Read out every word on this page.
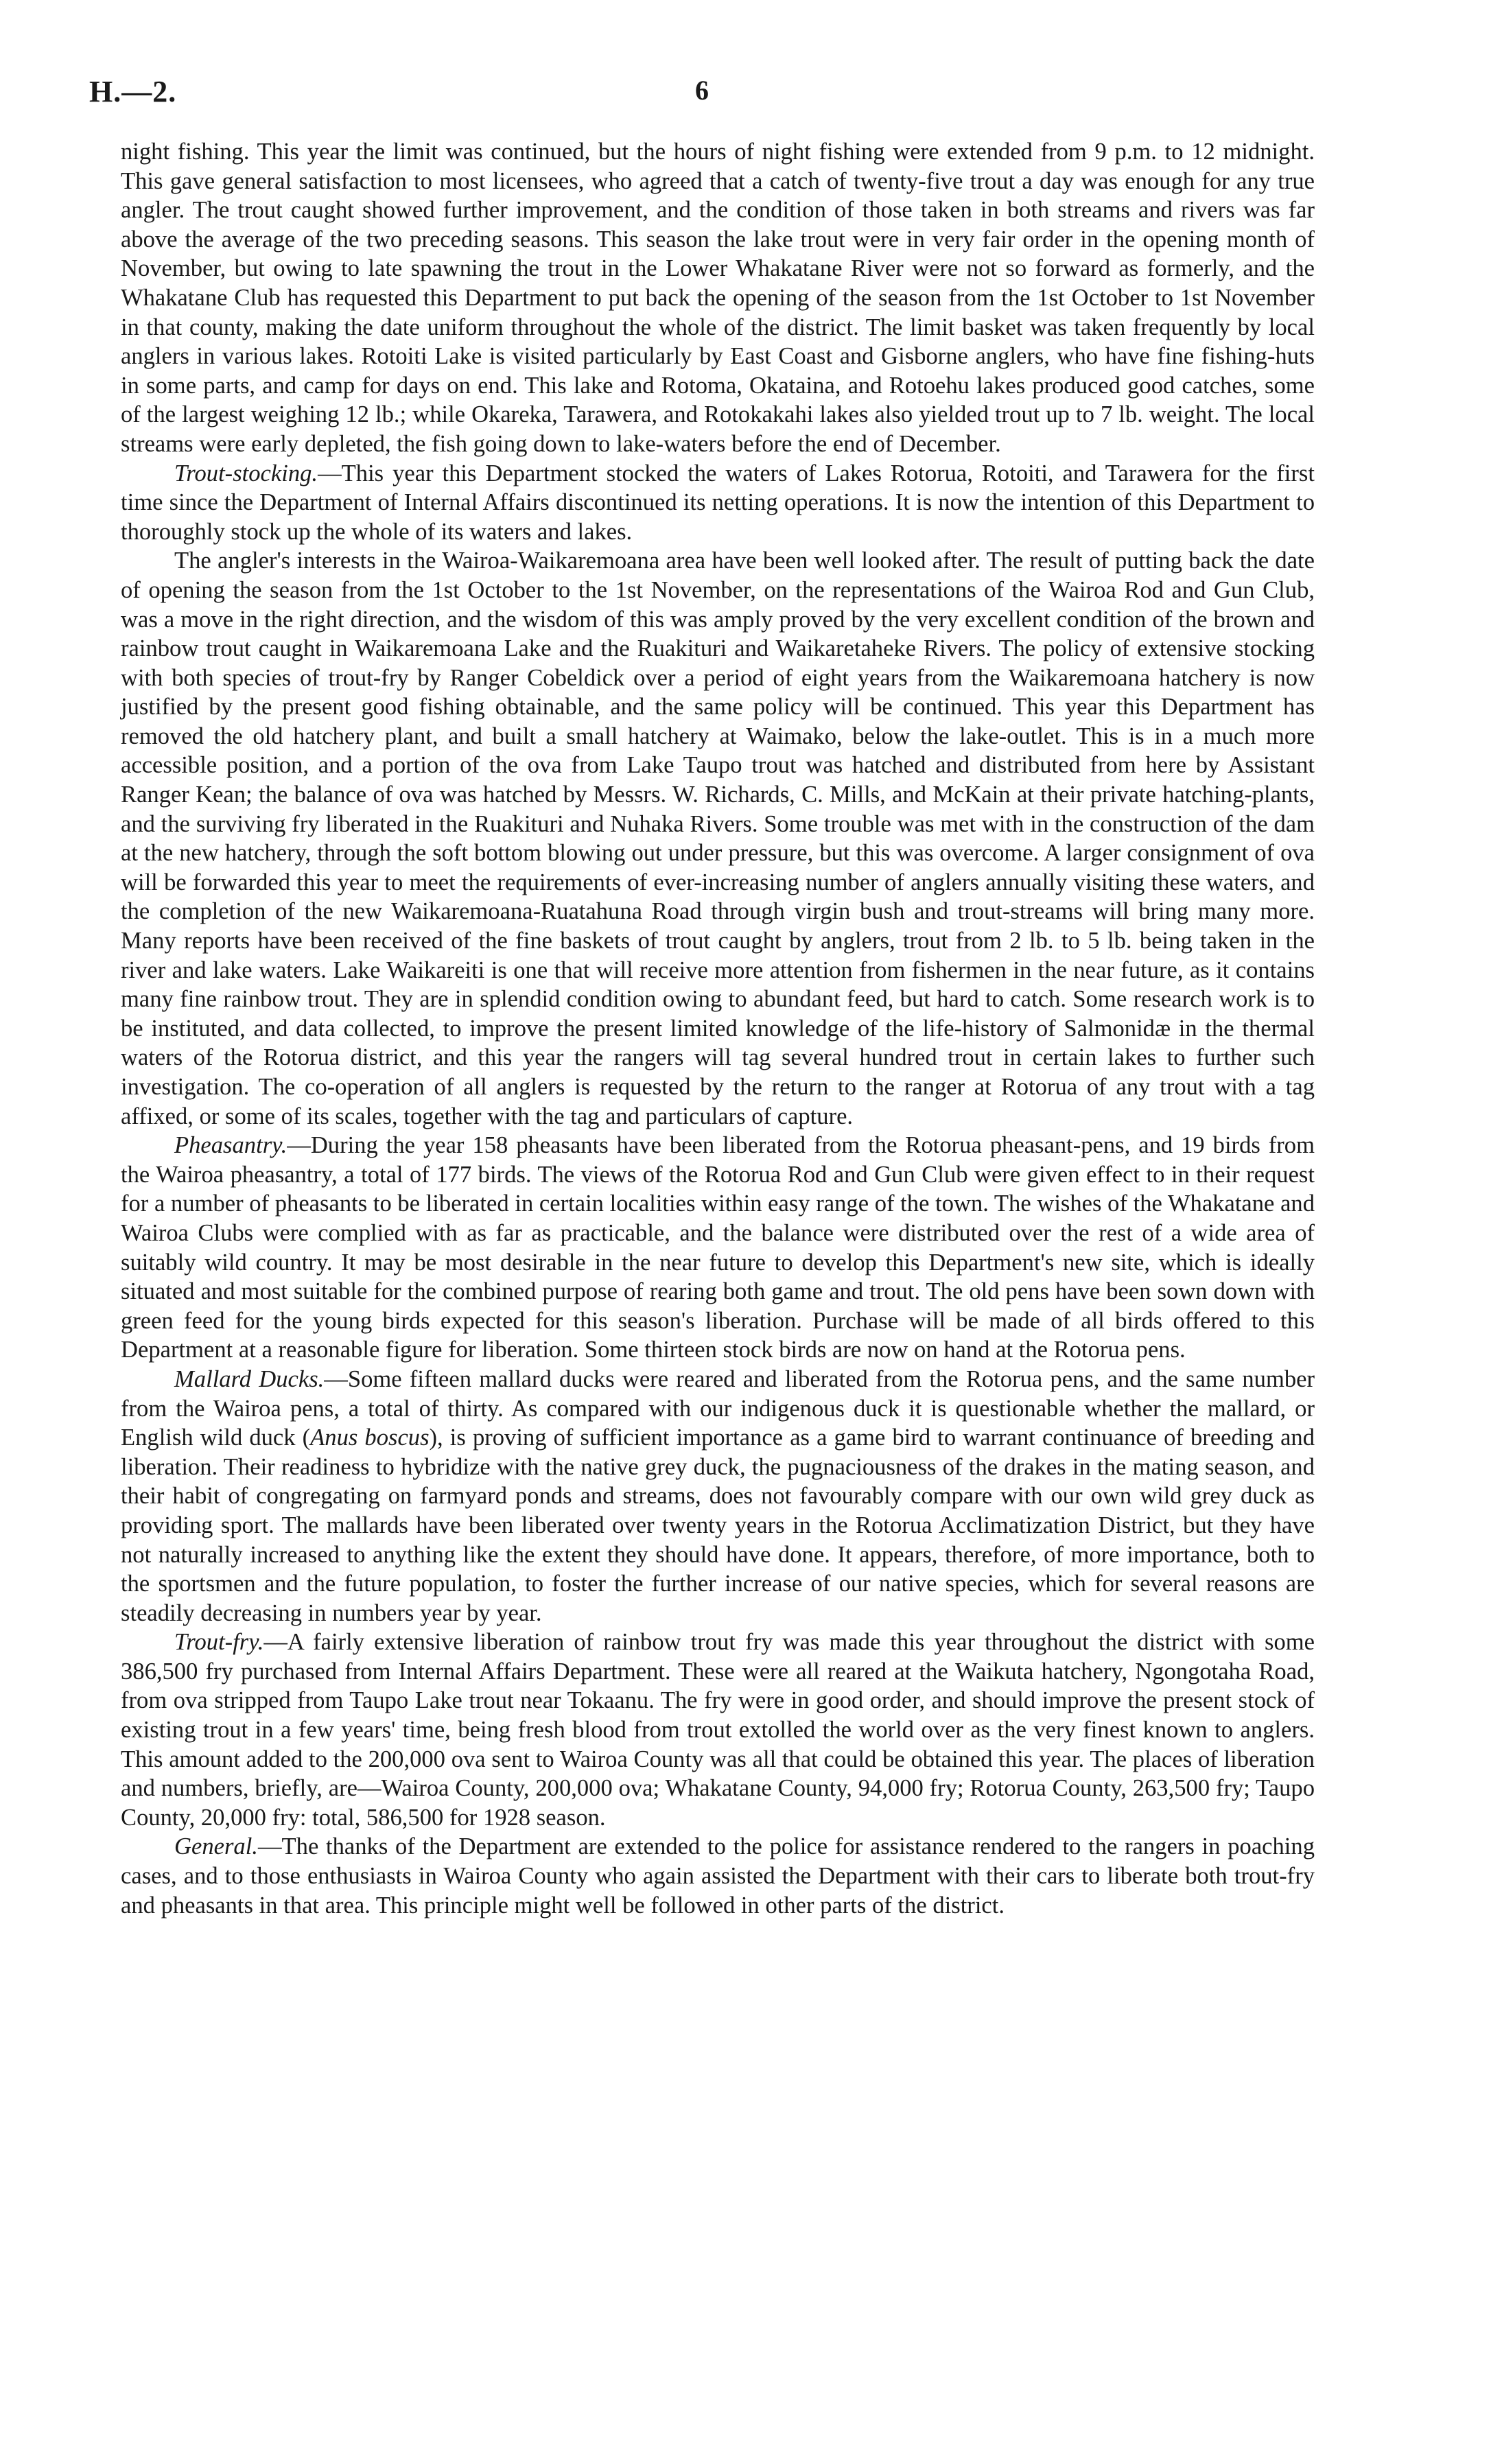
H.—2.	6

night fishing. This year the limit was continued, but the hours of night fishing were extended from 9 p.m. to 12 midnight. This gave general satisfaction to most licensees, who agreed that a catch of twenty-five trout a day was enough for any true angler. The trout caught showed further improvement, and the condition of those taken in both streams and rivers was far above the average of the two preceding seasons. This season the lake trout were in very fair order in the opening month of November, but owing to late spawning the trout in the Lower Whakatane River were not so forward as formerly, and the Whakatane Club has requested this Department to put back the opening of the season from the 1st October to 1st November in that county, making the date uniform throughout the whole of the district. The limit basket was taken frequently by local anglers in various lakes. Rotoiti Lake is visited particularly by East Coast and Gisborne anglers, who have fine fishing-huts in some parts, and camp for days on end. This lake and Rotoma, Okataina, and Rotoehu lakes produced good catches, some of the largest weighing 12 lb.; while Okareka, Tarawera, and Rotokakahi lakes also yielded trout up to 7 lb. weight. The local streams were early depleted, the fish going down to lake-waters before the end of December.

Trout-stocking.—This year this Department stocked the waters of Lakes Rotorua, Rotoiti, and Tarawera for the first time since the Department of Internal Affairs discontinued its netting operations. It is now the intention of this Department to thoroughly stock up the whole of its waters and lakes.

The angler's interests in the Wairoa-Waikaremoana area have been well looked after. The result of putting back the date of opening the season from the 1st October to the 1st November, on the representations of the Wairoa Rod and Gun Club, was a move in the right direction, and the wisdom of this was amply proved by the very excellent condition of the brown and rainbow trout caught in Waikaremoana Lake and the Ruakituri and Waikaretaheke Rivers. The policy of extensive stocking with both species of trout-fry by Ranger Cobeldick over a period of eight years from the Waikaremoana hatchery is now justified by the present good fishing obtainable, and the same policy will be continued. This year this Department has removed the old hatchery plant, and built a small hatchery at Waimako, below the lake-outlet. This is in a much more accessible position, and a portion of the ova from Lake Taupo trout was hatched and distributed from here by Assistant Ranger Kean; the balance of ova was hatched by Messrs. W. Richards, C. Mills, and McKain at their private hatching-plants, and the surviving fry liberated in the Ruakituri and Nuhaka Rivers. Some trouble was met with in the construction of the dam at the new hatchery, through the soft bottom blowing out under pressure, but this was overcome. A larger consignment of ova will be forwarded this year to meet the requirements of ever-increasing number of anglers annually visiting these waters, and the completion of the new Waikaremoana-Ruatahuna Road through virgin bush and trout-streams will bring many more. Many reports have been received of the fine baskets of trout caught by anglers, trout from 2 lb. to 5 lb. being taken in the river and lake waters. Lake Waikareiti is one that will receive more attention from fishermen in the near future, as it contains many fine rainbow trout. They are in splendid condition owing to abundant feed, but hard to catch. Some research work is to be instituted, and data collected, to improve the present limited knowledge of the life-history of Salmonidæ in the thermal waters of the Rotorua district, and this year the rangers will tag several hundred trout in certain lakes to further such investigation. The co-operation of all anglers is requested by the return to the ranger at Rotorua of any trout with a tag affixed, or some of its scales, together with the tag and particulars of capture.

Pheasantry.—During the year 158 pheasants have been liberated from the Rotorua pheasant-pens, and 19 birds from the Wairoa pheasantry, a total of 177 birds. The views of the Rotorua Rod and Gun Club were given effect to in their request for a number of pheasants to be liberated in certain localities within easy range of the town. The wishes of the Whakatane and Wairoa Clubs were complied with as far as practicable, and the balance were distributed over the rest of a wide area of suitably wild country. It may be most desirable in the near future to develop this Department's new site, which is ideally situated and most suitable for the combined purpose of rearing both game and trout. The old pens have been sown down with green feed for the young birds expected for this season's liberation. Purchase will be made of all birds offered to this Department at a reasonable figure for liberation. Some thirteen stock birds are now on hand at the Rotorua pens.

Mallard Ducks.—Some fifteen mallard ducks were reared and liberated from the Rotorua pens, and the same number from the Wairoa pens, a total of thirty. As compared with our indigenous duck it is questionable whether the mallard, or English wild duck (Anus boscus), is proving of sufficient importance as a game bird to warrant continuance of breeding and liberation. Their readiness to hybridize with the native grey duck, the pugnaciousness of the drakes in the mating season, and their habit of congregating on farmyard ponds and streams, does not favourably compare with our own wild grey duck as providing sport. The mallards have been liberated over twenty years in the Rotorua Acclimatization District, but they have not naturally increased to anything like the extent they should have done. It appears, therefore, of more importance, both to the sportsmen and the future population, to foster the further increase of our native species, which for several reasons are steadily decreasing in numbers year by year.

Trout-fry.—A fairly extensive liberation of rainbow trout fry was made this year throughout the district with some 386,500 fry purchased from Internal Affairs Department. These were all reared at the Waikuta hatchery, Ngongotaha Road, from ova stripped from Taupo Lake trout near Tokaanu. The fry were in good order, and should improve the present stock of existing trout in a few years' time, being fresh blood from trout extolled the world over as the very finest known to anglers. This amount added to the 200,000 ova sent to Wairoa County was all that could be obtained this year. The places of liberation and numbers, briefly, are—Wairoa County, 200,000 ova; Whakatane County, 94,000 fry; Rotorua County, 263,500 fry; Taupo County, 20,000 fry: total, 586,500 for 1928 season.

General.—The thanks of the Department are extended to the police for assistance rendered to the rangers in poaching cases, and to those enthusiasts in Wairoa County who again assisted the Department with their cars to liberate both trout-fry and pheasants in that area. This principle might well be followed in other parts of the district.
